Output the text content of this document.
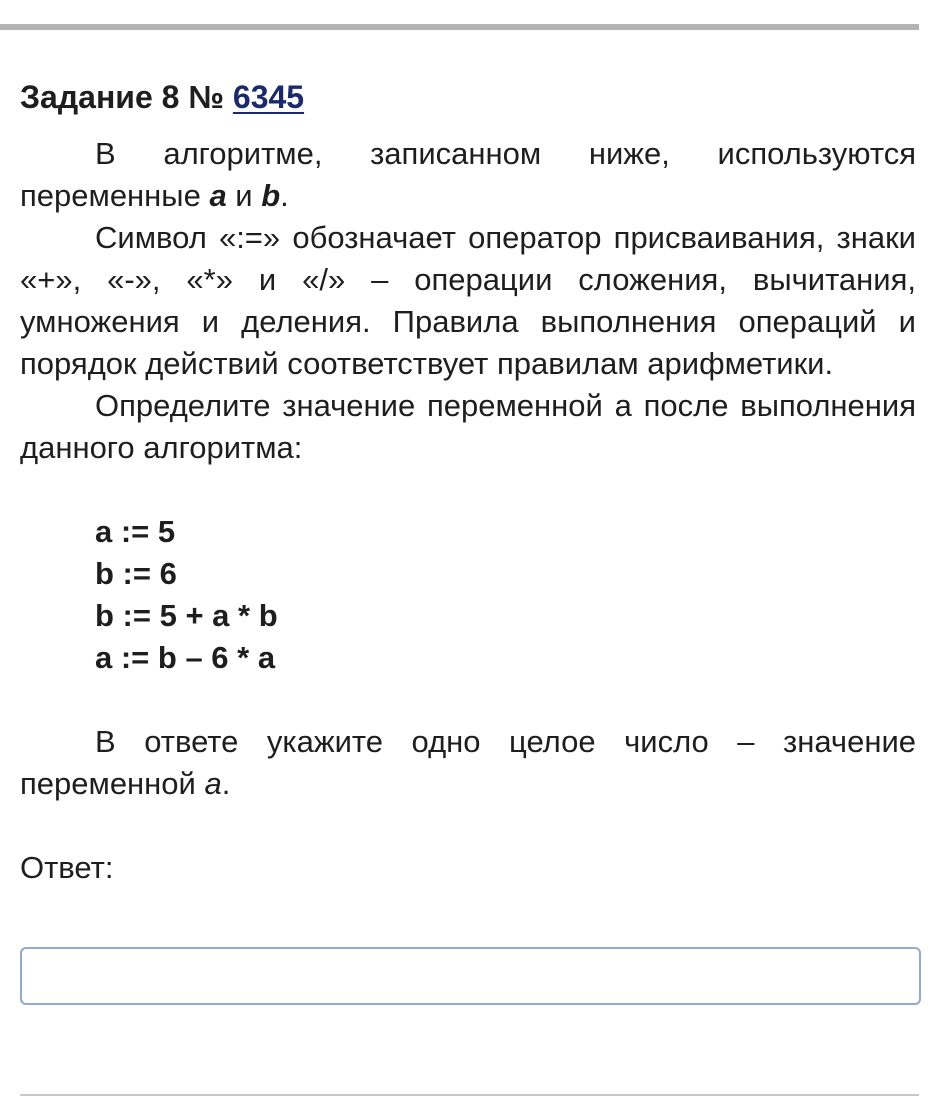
Задание 8 № 6345

В алгоритме, записанном ниже, используются переменные a и b.

Символ «:=» обозначает оператор присваивания, знаки «+», «-», «*» и «/» – операции сложения, вычитания, умножения и деления. Правила выполнения операций и порядок действий соответствует правилам арифметики.

Определите значение переменной a после выполнения данного алгоритма:

a := 5
b := 6
b := 5 + a * b
a := b – 6 * a

В ответе укажите одно целое число – значение переменной a.

Ответ:
